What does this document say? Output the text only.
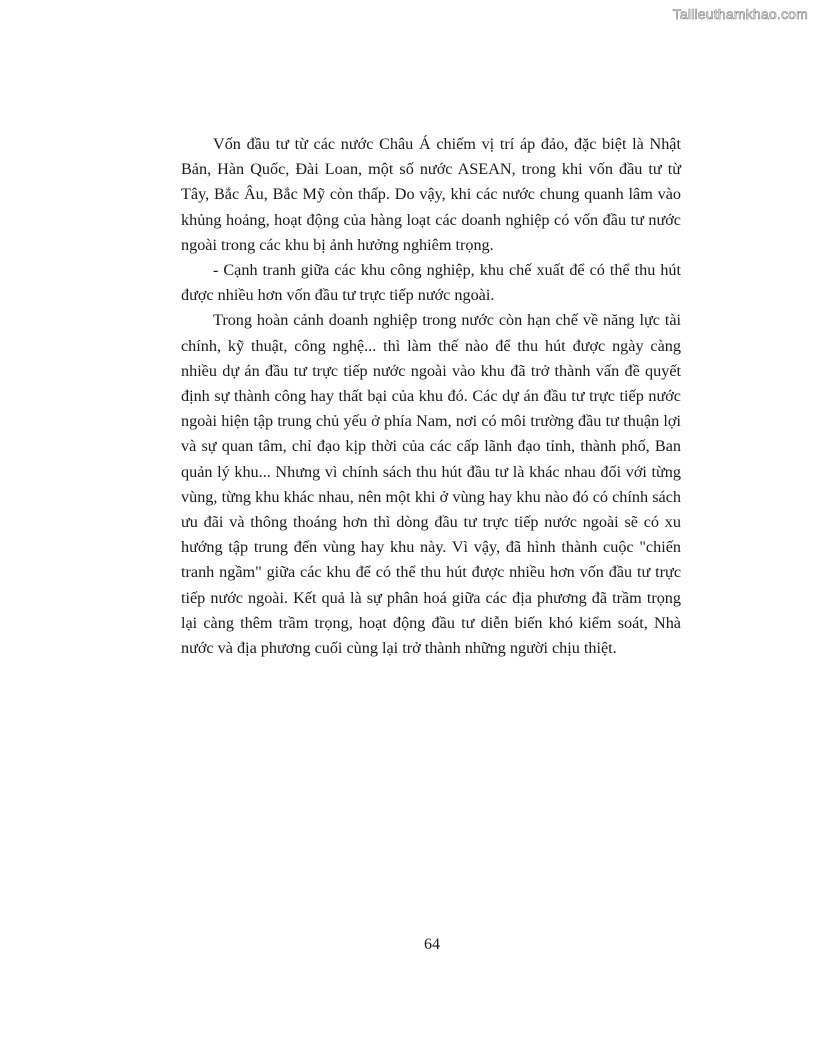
Tailieuthamkhao.com

Vốn đầu tư từ các nước Châu Á chiếm vị trí áp đảo, đặc biệt là Nhật Bản, Hàn Quốc, Đài Loan, một số nước ASEAN, trong khi vốn đầu tư từ Tây, Bắc Âu, Bắc Mỹ còn thấp. Do vậy, khi các nước chung quanh lâm vào khủng hoảng, hoạt động của hàng loạt các doanh nghiệp có vốn đầu tư nước ngoài trong các khu bị ảnh hưởng nghiêm trọng.

- Cạnh tranh giữa các khu công nghiệp, khu chế xuất để có thể thu hút được nhiều hơn vốn đầu tư trực tiếp nước ngoài.

Trong hoàn cảnh doanh nghiệp trong nước còn hạn chế về năng lực tài chính, kỹ thuật, công nghệ... thì làm thế nào để thu hút được ngày càng nhiều dự án đầu tư trực tiếp nước ngoài vào khu đã trở thành vấn đề quyết định sự thành công hay thất bại của khu đó. Các dự án đầu tư trực tiếp nước ngoài hiện tập trung chủ yếu ở phía Nam, nơi có môi trường đầu tư thuận lợi và sự quan tâm, chỉ đạo kịp thời của các cấp lãnh đạo tỉnh, thành phố, Ban quản lý khu... Nhưng vì chính sách thu hút đầu tư là khác nhau đối với từng vùng, từng khu khác nhau, nên một khi ở vùng hay khu nào đó có chính sách ưu đãi và thông thoáng hơn thì dòng đầu tư trực tiếp nước ngoài sẽ có xu hướng tập trung đến vùng hay khu này. Vì vậy, đã hình thành cuộc "chiến tranh ngầm" giữa các khu để có thể thu hút được nhiều hơn vốn đầu tư trực tiếp nước ngoài. Kết quả là sự phân hoá giữa các địa phương đã trầm trọng lại càng thêm trầm trọng, hoạt động đầu tư diễn biến khó kiểm soát, Nhà nước và địa phương cuối cùng lại trở thành những người chịu thiệt.

64
